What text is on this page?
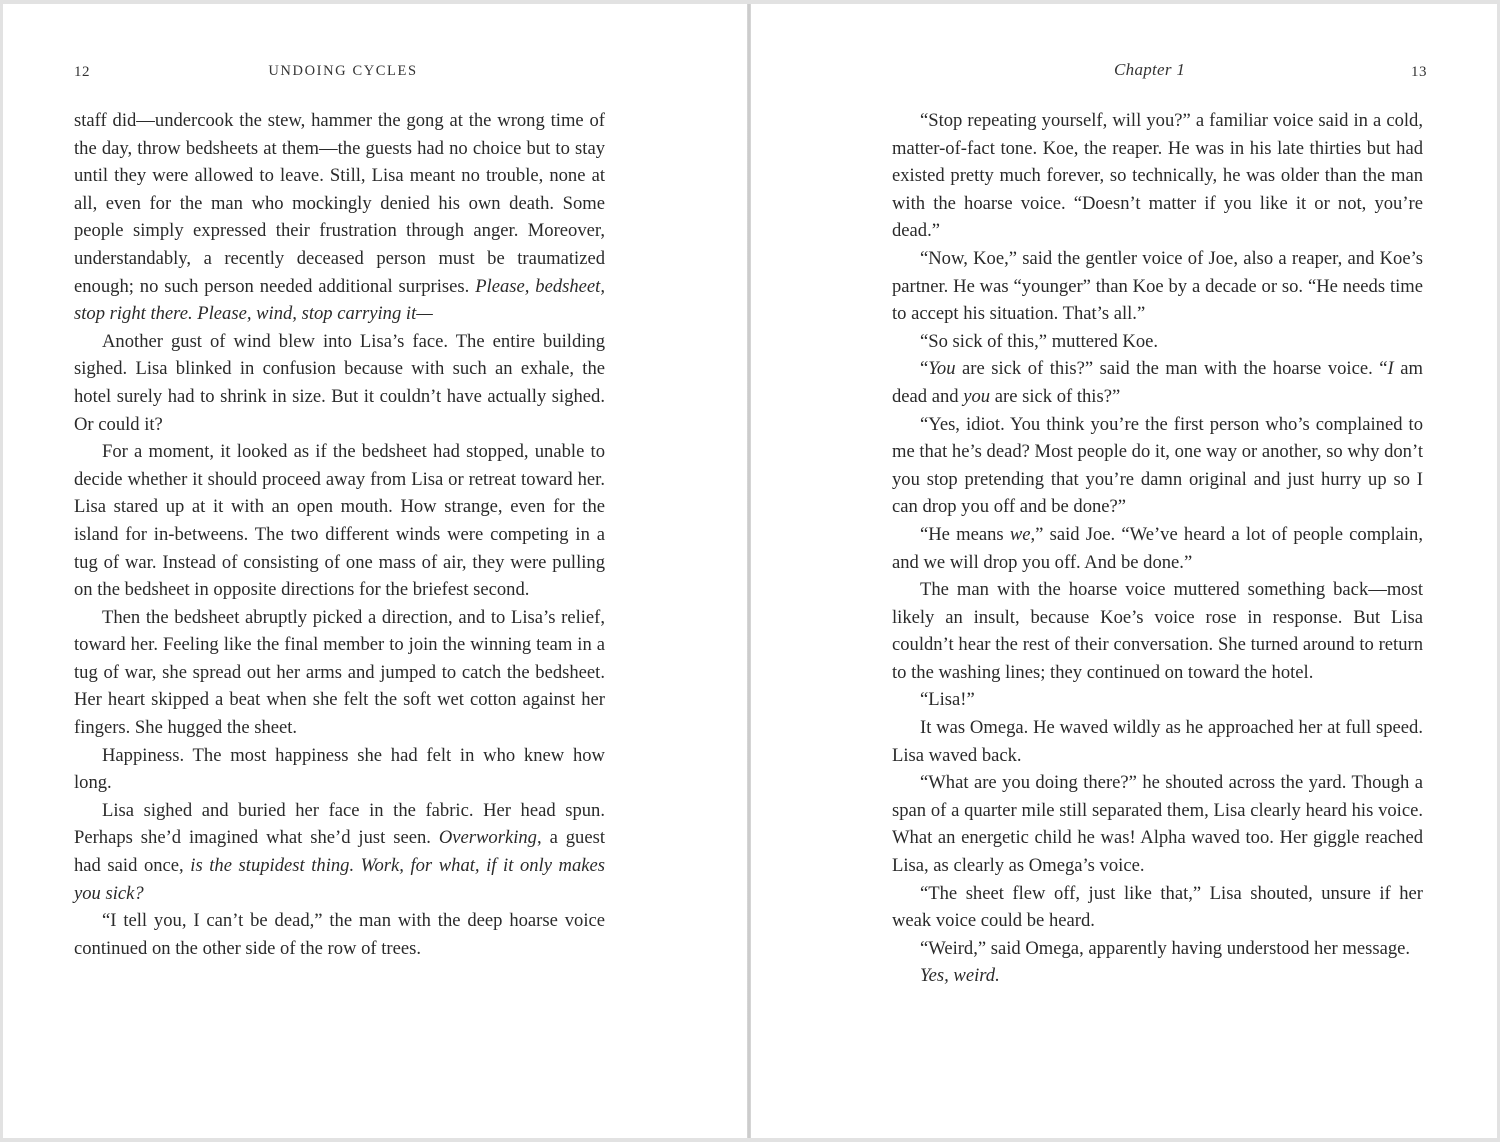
12	UNDOING CYCLES

staff did—undercook the stew, hammer the gong at the wrong time of the day, throw bedsheets at them—the guests had no choice but to stay until they were allowed to leave. Still, Lisa meant no trouble, none at all, even for the man who mockingly denied his own death. Some people simply expressed their frustration through anger. Moreover, understandably, a recently deceased person must be traumatized enough; no such person needed additional surprises. Please, bedsheet, stop right there. Please, wind, stop carrying it—

Another gust of wind blew into Lisa’s face. The entire building sighed. Lisa blinked in confusion because with such an exhale, the hotel surely had to shrink in size. But it couldn’t have actually sighed. Or could it?

For a moment, it looked as if the bedsheet had stopped, unable to decide whether it should proceed away from Lisa or retreat toward her. Lisa stared up at it with an open mouth. How strange, even for the island for in-betweens. The two different winds were competing in a tug of war. Instead of consisting of one mass of air, they were pulling on the bedsheet in opposite directions for the briefest second.

Then the bedsheet abruptly picked a direction, and to Lisa’s relief, toward her. Feeling like the final member to join the winning team in a tug of war, she spread out her arms and jumped to catch the bedsheet. Her heart skipped a beat when she felt the soft wet cotton against her fingers. She hugged the sheet.

Happiness. The most happiness she had felt in who knew how long.

Lisa sighed and buried her face in the fabric. Her head spun. Perhaps she’d imagined what she’d just seen. Overworking, a guest had said once, is the stupidest thing. Work, for what, if it only makes you sick?

“I tell you, I can’t be dead,” the man with the deep hoarse voice continued on the other side of the row of trees.

Chapter 1	13

“Stop repeating yourself, will you?” a familiar voice said in a cold, matter-of-fact tone. Koe, the reaper. He was in his late thirties but had existed pretty much forever, so technically, he was older than the man with the hoarse voice. “Doesn’t matter if you like it or not, you’re dead.”

“Now, Koe,” said the gentler voice of Joe, also a reaper, and Koe’s partner. He was “younger” than Koe by a decade or so. “He needs time to accept his situation. That’s all.”

“So sick of this,” muttered Koe.

“You are sick of this?” said the man with the hoarse voice. “I am dead and you are sick of this?”

“Yes, idiot. You think you’re the first person who’s complained to me that he’s dead? Most people do it, one way or another, so why don’t you stop pretending that you’re damn original and just hurry up so I can drop you off and be done?”

“He means we,” said Joe. “We’ve heard a lot of people complain, and we will drop you off. And be done.”

The man with the hoarse voice muttered something back—most likely an insult, because Koe’s voice rose in response. But Lisa couldn’t hear the rest of their conversation. She turned around to return to the washing lines; they continued on toward the hotel.

“Lisa!”

It was Omega. He waved wildly as he approached her at full speed. Lisa waved back.

“What are you doing there?” he shouted across the yard. Though a span of a quarter mile still separated them, Lisa clearly heard his voice. What an energetic child he was! Alpha waved too. Her giggle reached Lisa, as clearly as Omega’s voice.

“The sheet flew off, just like that,” Lisa shouted, unsure if her weak voice could be heard.

“Weird,” said Omega, apparently having understood her message.

Yes, weird.
